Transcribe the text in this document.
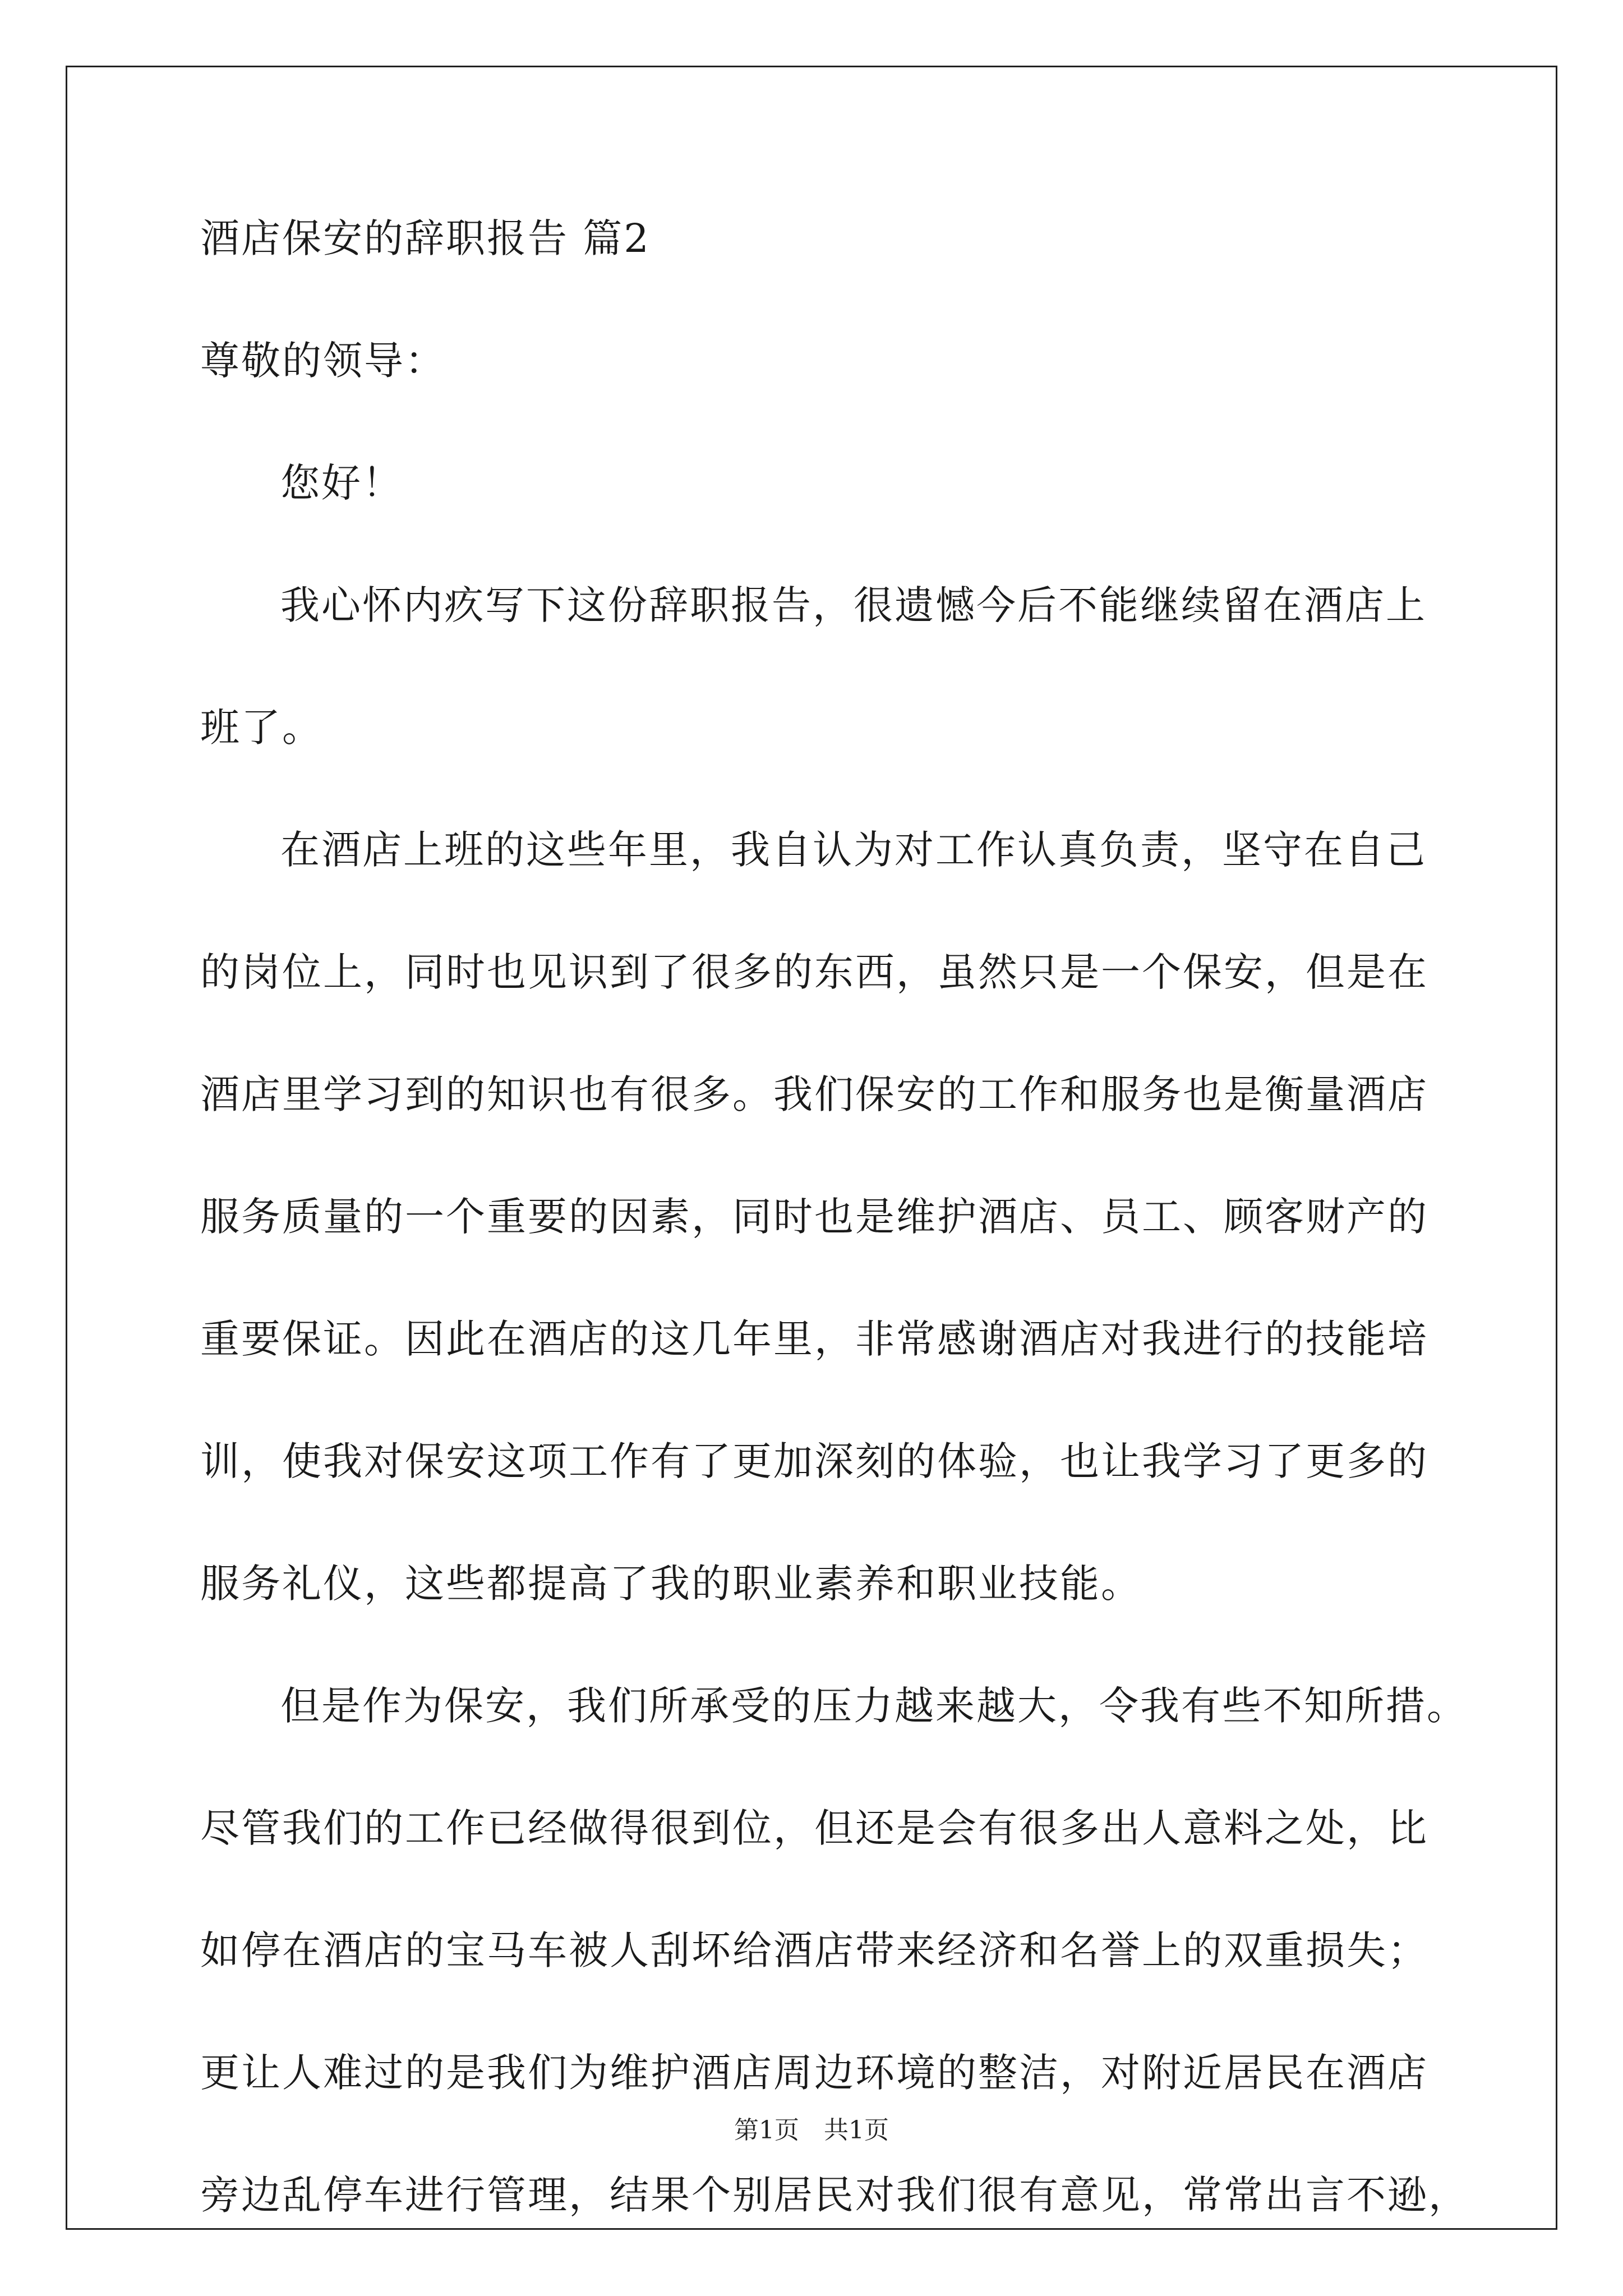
酒店保安的辞职报告 篇2
尊敬的领导：
您好！
我心怀内疚写下这份辞职报告，很遗憾今后不能继续留在酒店上
班了。
在酒店上班的这些年里，我自认为对工作认真负责，坚守在自己
的岗位上，同时也见识到了很多的东西，虽然只是一个保安，但是在
酒店里学习到的知识也有很多。我们保安的工作和服务也是衡量酒店
服务质量的一个重要的因素，同时也是维护酒店、员工、顾客财产的
重要保证。因此在酒店的这几年里，非常感谢酒店对我进行的技能培
训，使我对保安这项工作有了更加深刻的体验，也让我学习了更多的
服务礼仪，这些都提高了我的职业素养和职业技能。
但是作为保安，我们所承受的压力越来越大，令我有些不知所措。
尽管我们的工作已经做得很到位，但还是会有很多出人意料之处，比
如停在酒店的宝马车被人刮坏给酒店带来经济和名誉上的双重损失；
更让人难过的是我们为维护酒店周边环境的整洁，对附近居民在酒店
旁边乱停车进行管理，结果个别居民对我们很有意见，常常出言不逊，
第1页　共1页
